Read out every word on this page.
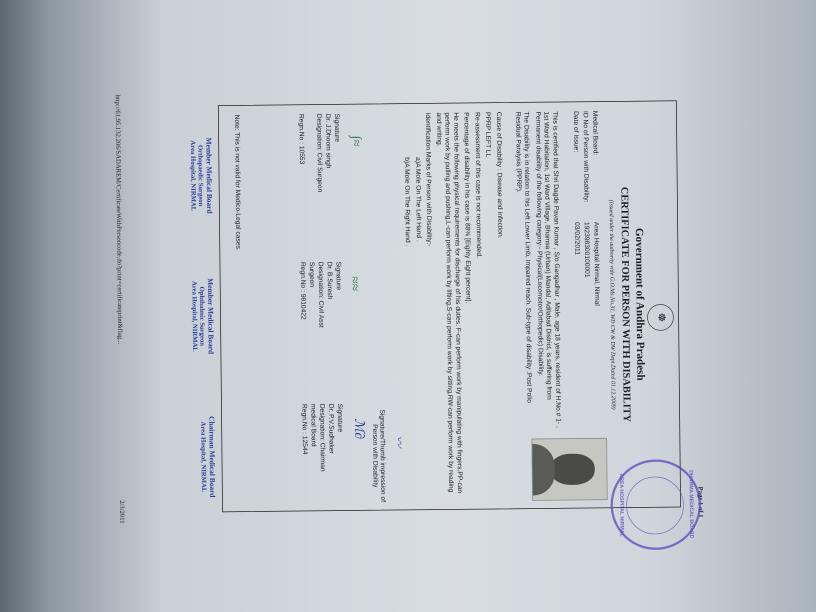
Page 1 of 1
☸
DHARMA MEDICAL BOARD
AREA HOSPITAL NIRMAL
Government of Andhra Pradesh
CERTIFICATE FOR PERSON WITH DISABILITY
(Issued under the authority vide G.O.Ms.No.31, WD CW & DW Dept.Dated 01.12.2009)
Medical Board:
Area Hospital Nirmal, Nirmal
ID No of Person with Disability:
192398300100001
Date of Issue:
03/02/2011

This is certified that Shri Dagde Pavan Kumar , S/o Gangadhar , Male, age 18 years, resident of H.No.# 1- , 1st Ward Habitation, 1st Ward Village, Bhainsa (Urban) Mandal, Adilabad District, is suffering from Permanent disability of the following category:- Physical(Locomotor/Orthopedic) Disability.

The Disability is in relation to his Left Lower Limb, Impaired reach. Sub-type of disability :Post Polio Residual Paralysis (PPRP).

Cause of Disability : Disease and Infection.

PPRP LEFT LL

Re-assessment of this case is not recommended.

Percentage of disability in his case is 88% [Eighty Eight percent].

He meets the following physical requirements for discharge of his duties. F-can perform work by manipulating with fingers,PP-can perform work by pulling and pushing,L-can perform work by lifting,S-can perform work by sitting,RW-can perform work by reading and writing.

Identification Marks of Person with Disability:-

a)A Mole On The Left Hand .

b)A Mole On The Right Hand .

〰
Signature/Thumb impression of Person with Disability
∫≈
Signature
Dr. J.Dhoom singh
Designation: Civil Surgeon
Regn.No : 10553
≈≈
Signature
Dr. B.Suresh
Designation: Civil Asst
Surgeon
Regn.No : 9810422
ℳ∂
Signature
Dr. P.V.Sudhaker
Designation: Chairman
medical Board
Regn.No : 12544
Note: This is not valid for Medico-Legal cases.
Member Medical Board
Orthopaedic Surgeon
Area Hospital, NIRMAL
Member Medical Board
Ophthalmic Surgeon
Area Hospital, NIRMAL
Chairman Medical Board
Area Hospital, NIRMAL
http://61.95.132.206/SADAREM/CertificateWithPersoncode.do?print=certificateprint&flag...
2/3/2011
